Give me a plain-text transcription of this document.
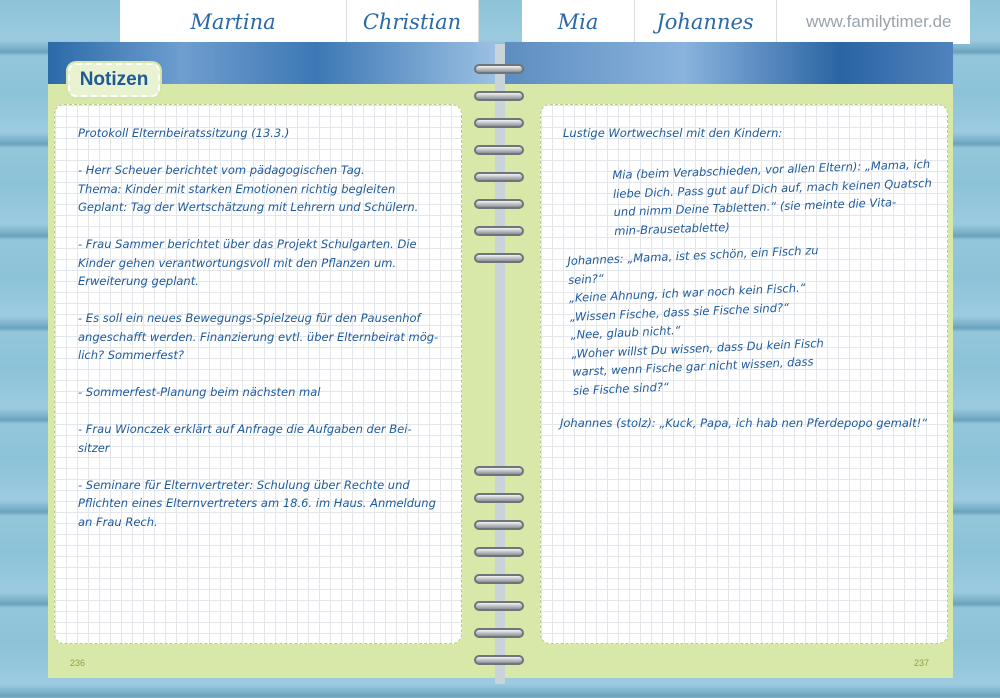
Martina	Christian	Mia	Johannes	www.familytimer.de
Notizen
Protokoll Elternbeiratssitzung (13.3.)

- Herr Scheuer berichtet vom pädagogischen Tag.
Thema: Kinder mit starken Emotionen richtig begleiten
Geplant: Tag der Wertschätzung mit Lehrern und Schülern.

- Frau Sammer berichtet über das Projekt Schulgarten. Die
Kinder gehen verantwortungsvoll mit den Pflanzen um.
Erweiterung geplant.

- Es soll ein neues Bewegungs-Spielzeug für den Pausenhof
angeschafft werden. Finanzierung evtl. über Elternbeirat mög-
lich? Sommerfest?

- Sommerfest-Planung beim nächsten mal

- Frau Wionczek erklärt auf Anfrage die Aufgaben der Bei-
sitzer

- Seminare für Elternvertreter: Schulung über Rechte und
Pflichten eines Elternvertreters am 18.6. im Haus. Anmeldung
an Frau Rech.
Lustige Wortwechsel mit den Kindern:
Mia (beim Verabschieden, vor allen Eltern): „Mama, ich
liebe Dich. Pass gut auf Dich auf, mach keinen Quatsch
und nimm Deine Tabletten.“ (sie meinte die Vita-
min-Brausetablette)
Johannes: „Mama, ist es schön, ein Fisch zu
sein?“
„Keine Ahnung, ich war noch kein Fisch.“
„Wissen Fische, dass sie Fische sind?“
„Nee, glaub nicht.“
„Woher willst Du wissen, dass Du kein Fisch
warst, wenn Fische gar nicht wissen, dass
sie Fische sind?“
Johannes (stolz): „Kuck, Papa, ich hab nen Pferdepopo gemalt!“
236	237
